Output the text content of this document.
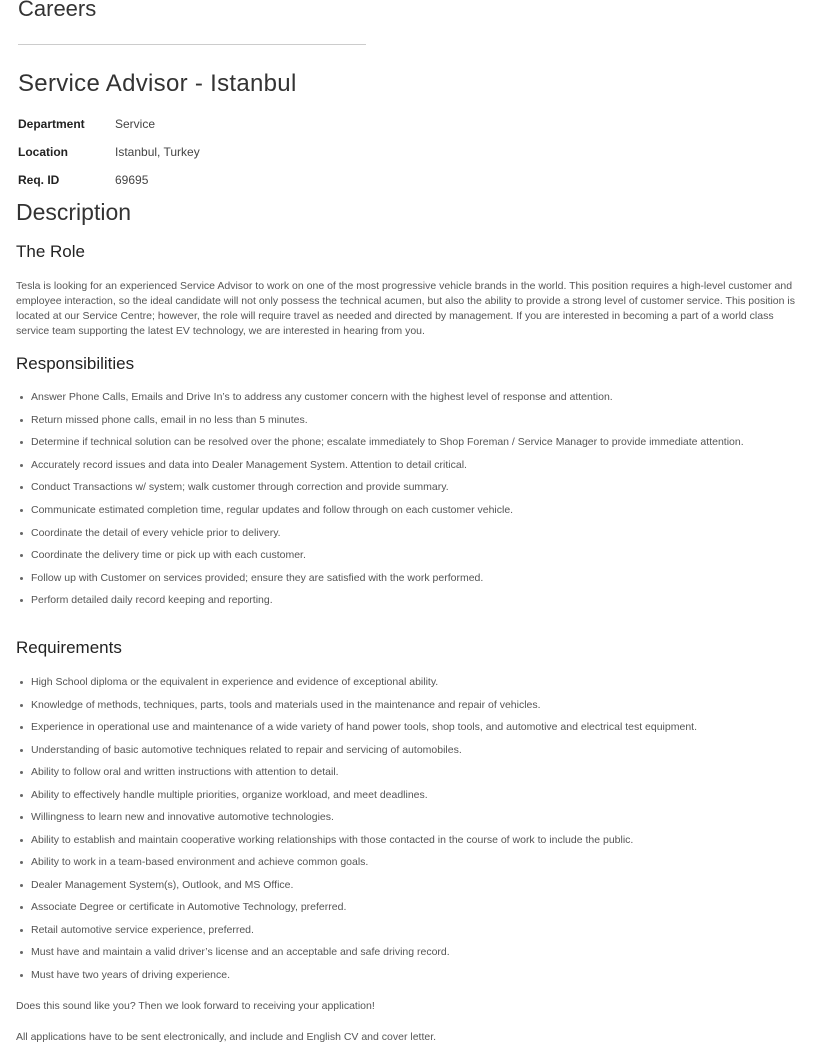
Careers
Service Advisor - Istanbul
Department	Service
Location	Istanbul, Turkey
Req. ID	69695
Description
The Role

Tesla is looking for an experienced Service Advisor to work on one of the most progressive vehicle brands in the world. This position requires a high-level customer and employee interaction, so the ideal candidate will not only possess the technical acumen, but also the ability to provide a strong level of customer service. This position is located at our Service Centre; however, the role will require travel as needed and directed by management. If you are interested in becoming a part of a world class service team supporting the latest EV technology, we are interested in hearing from you.

Responsibilities
Answer Phone Calls, Emails and Drive In’s to address any customer concern with the highest level of response and attention.
Return missed phone calls, email in no less than 5 minutes.
Determine if technical solution can be resolved over the phone; escalate immediately to Shop Foreman / Service Manager to provide immediate attention.
Accurately record issues and data into Dealer Management System. Attention to detail critical.
Conduct Transactions w/ system; walk customer through correction and provide summary.
Communicate estimated completion time, regular updates and follow through on each customer vehicle.
Coordinate the detail of every vehicle prior to delivery.
Coordinate the delivery time or pick up with each customer.
Follow up with Customer on services provided; ensure they are satisfied with the work performed.
Perform detailed daily record keeping and reporting.
Requirements
High School diploma or the equivalent in experience and evidence of exceptional ability.
Knowledge of methods, techniques, parts, tools and materials used in the maintenance and repair of vehicles.
Experience in operational use and maintenance of a wide variety of hand power tools, shop tools, and automotive and electrical test equipment.
Understanding of basic automotive techniques related to repair and servicing of automobiles.
Ability to follow oral and written instructions with attention to detail.
Ability to effectively handle multiple priorities, organize workload, and meet deadlines.
Willingness to learn new and innovative automotive technologies.
Ability to establish and maintain cooperative working relationships with those contacted in the course of work to include the public.
Ability to work in a team-based environment and achieve common goals.
Dealer Management System(s), Outlook, and MS Office.
Associate Degree or certificate in Automotive Technology, preferred.
Retail automotive service experience, preferred.
Must have and maintain a valid driver’s license and an acceptable and safe driving record.
Must have two years of driving experience.

Does this sound like you? Then we look forward to receiving your application!

All applications have to be sent electronically, and include and English CV and cover letter.
